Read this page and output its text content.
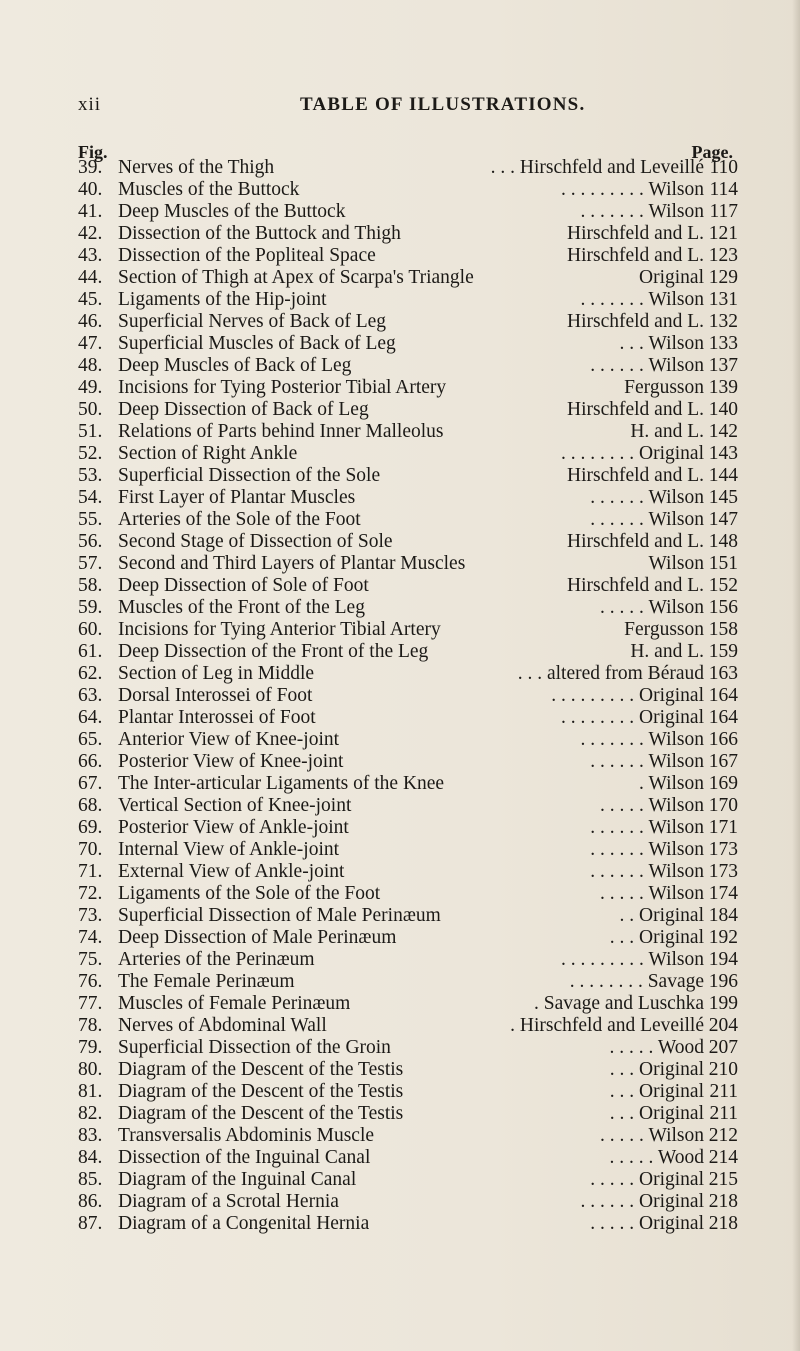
xii	TABLE OF ILLUSTRATIONS.
Fig.	Page.
39. Nerves of the Thigh	. . . Hirschfeld and Leveillé 110
40. Muscles of the Buttock	. . . . . . . . . Wilson 114
41. Deep Muscles of the Buttock	. . . . . . . Wilson 117
42. Dissection of the Buttock and Thigh	Hirschfeld and L. 121
43. Dissection of the Popliteal Space	Hirschfeld and L. 123
44. Section of Thigh at Apex of Scarpa's Triangle	Original 129
45. Ligaments of the Hip-joint	. . . . . . . Wilson 131
46. Superficial Nerves of Back of Leg	Hirschfeld and L. 132
47. Superficial Muscles of Back of Leg	. . . Wilson 133
48. Deep Muscles of Back of Leg	. . . . . . Wilson 137
49. Incisions for Tying Posterior Tibial Artery	Fergusson 139
50. Deep Dissection of Back of Leg	Hirschfeld and L. 140
51. Relations of Parts behind Inner Malleolus	H. and L. 142
52. Section of Right Ankle	. . . . . . . . Original 143
53. Superficial Dissection of the Sole	Hirschfeld and L. 144
54. First Layer of Plantar Muscles	. . . . . . Wilson 145
55. Arteries of the Sole of the Foot	. . . . . . Wilson 147
56. Second Stage of Dissection of Sole	Hirschfeld and L. 148
57. Second and Third Layers of Plantar Muscles	Wilson 151
58. Deep Dissection of Sole of Foot	Hirschfeld and L. 152
59. Muscles of the Front of the Leg	. . . . . Wilson 156
60. Incisions for Tying Anterior Tibial Artery	Fergusson 158
61. Deep Dissection of the Front of the Leg	H. and L. 159
62. Section of Leg in Middle	. . . altered from Béraud 163
63. Dorsal Interossei of Foot	. . . . . . . . . Original 164
64. Plantar Interossei of Foot	. . . . . . . . Original 164
65. Anterior View of Knee-joint	. . . . . . . Wilson 166
66. Posterior View of Knee-joint	. . . . . . Wilson 167
67. The Inter-articular Ligaments of the Knee	. Wilson 169
68. Vertical Section of Knee-joint	. . . . . Wilson 170
69. Posterior View of Ankle-joint	. . . . . . Wilson 171
70. Internal View of Ankle-joint	. . . . . . Wilson 173
71. External View of Ankle-joint	. . . . . . Wilson 173
72. Ligaments of the Sole of the Foot	. . . . . Wilson 174
73. Superficial Dissection of Male Perinæum	. . Original 184
74. Deep Dissection of Male Perinæum	. . . Original 192
75. Arteries of the Perinæum	. . . . . . . . . Wilson 194
76. The Female Perinæum	. . . . . . . . Savage 196
77. Muscles of Female Perinæum	. Savage and Luschka 199
78. Nerves of Abdominal Wall	. Hirschfeld and Leveillé 204
79. Superficial Dissection of the Groin	. . . . . Wood 207
80. Diagram of the Descent of the Testis	. . . Original 210
81. Diagram of the Descent of the Testis	. . . Original 211
82. Diagram of the Descent of the Testis	. . . Original 211
83. Transversalis Abdominis Muscle	. . . . . Wilson 212
84. Dissection of the Inguinal Canal	. . . . . Wood 214
85. Diagram of the Inguinal Canal	. . . . . Original 215
86. Diagram of a Scrotal Hernia	. . . . . . Original 218
87. Diagram of a Congenital Hernia	. . . . . Original 218
